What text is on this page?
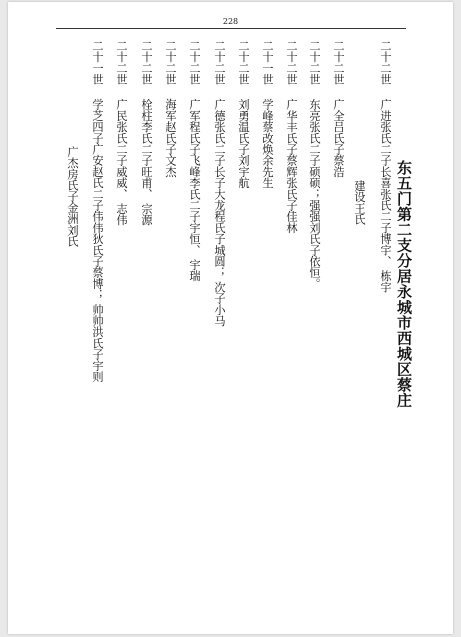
228
东五门第二支分居永城市西城区蔡庄
二十二世广进张氏二子长喜张氏二子博宇、 栋宇
建设王氏
二十二世广全吕氏子蔡浩
二十二世东亮张氏二子硕硕；强强刘氏子依恒。
二十二世广华丰氏子蔡辉张氏子佳林
二十一世学峰蔡改焕余先生
二十二世刘勇温氏子刘宇航
二十二世广德张氏二子长子大龙程氏子城圆； 次子小马
二十二世广军程氏子飞峰李氏二子宇恒、 宇瑞
二十二世海军赵氏子文杰
二十二世栓柱李氏二子旺甫、 宗源
二十二世广民张氏二子威威、 志伟
二十一世学芝四子广安赵氏二子伟伟狄氏子蔡博； 帅帅洪氏子宇则
广杰房氏子金洲刘氏
